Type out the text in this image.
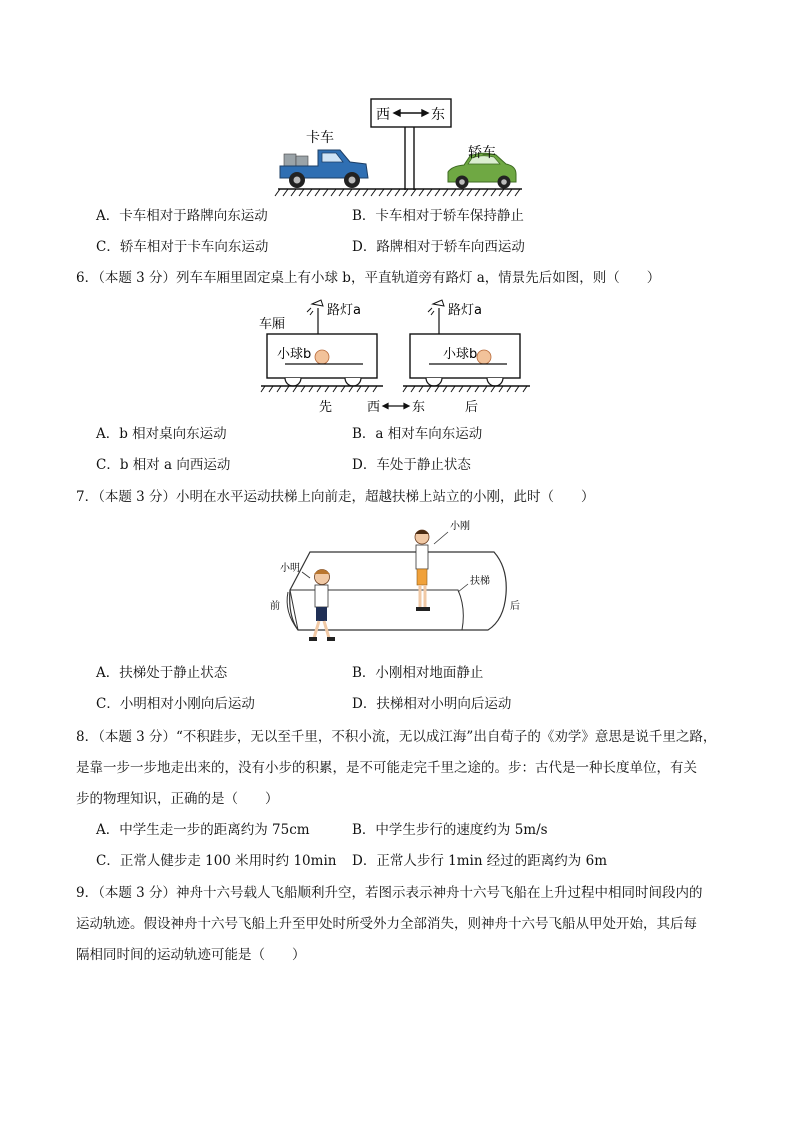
西	东
卡车
轿车
A．卡车相对于路牌向东运动	B．卡车相对于轿车保持静止
C．轿车相对于卡车向东运动	D．路牌相对于轿车向西运动
6．（本题 3 分）列车车厢里固定桌上有小球 b，平直轨道旁有路灯 a，情景先后如图，则（　　）
车厢
路灯a
小球b
路灯a
小球b
先	西 东	后
A．b 相对桌向东运动	B．a 相对车向东运动
C．b 相对 a 向西运动	D．车处于静止状态
7．（本题 3 分）小明在水平运动扶梯上向前走，超越扶梯上站立的小刚，此时（　　）
小刚
小明
扶梯
前	后
A．扶梯处于静止状态	B．小刚相对地面静止
C．小明相对小刚向后运动	D．扶梯相对小明向后运动
8．（本题 3 分）“不积跬步，无以至千里，不积小流，无以成江海”出自荀子的《劝学》意思是说千里之路，
是靠一步一步地走出来的，没有小步的积累，是不可能走完千里之途的。步：古代是一种长度单位，有关
步的物理知识，正确的是（　　）
A．中学生走一步的距离约为 75cm	B．中学生步行的速度约为 5m/s
C．正常人健步走 100 米用时约 10min D．正常人步行 1min 经过的距离约为 6m
9．（本题 3 分）神舟十六号载人飞船顺利升空，若图示表示神舟十六号飞船在上升过程中相同时间段内的
运动轨迹。假设神舟十六号飞船上升至甲处时所受外力全部消失，则神舟十六号飞船从甲处开始，其后每
隔相同时间的运动轨迹可能是（　　）
